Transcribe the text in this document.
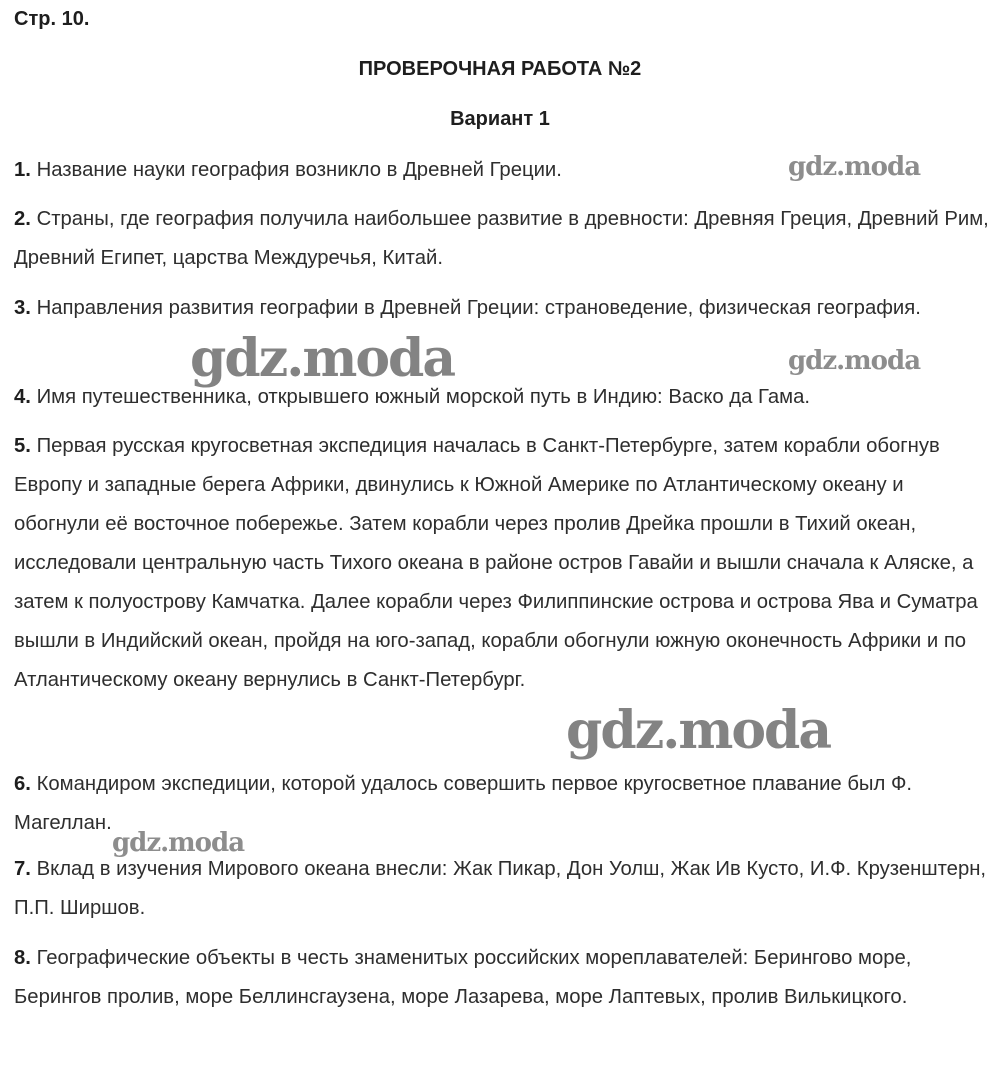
Стр. 10.
ПРОВЕРОЧНАЯ РАБОТА №2
Вариант 1

1. Название науки география возникло в Древней Греции.

2. Страны, где география получила наибольшее развитие в древности: Древняя Греция, Древний Рим, Древний Египет, царства Междуречья, Китай.

3. Направления развития географии в Древней Греции: страноведение, физическая география.

4. Имя путешественника, открывшего южный морской путь в Индию: Васко да Гама.

5. Первая русская кругосветная экспедиция началась в Санкт-Петербурге, затем корабли обогнув Европу и западные берега Африки, двинулись к Южной Америке по Атлантическому океану и обогнули её восточное побережье. Затем корабли через пролив Дрейка прошли в Тихий океан, исследовали центральную часть Тихого океана в районе остров Гавайи и вышли сначала к Аляске, а затем к полуострову Камчатка. Далее корабли через Филиппинские острова и острова Ява и Суматра вышли в Индийский океан, пройдя на юго-запад, корабли обогнули южную оконечность Африки и по Атлантическому океану вернулись в Санкт-Петербург.

6. Командиром экспедиции, которой удалось совершить первое кругосветное плавание был Ф. Магеллан.

7. Вклад в изучения Мирового океана внесли: Жак Пикар, Дон Уолш, Жак Ив Кусто, И.Ф. Крузенштерн, П.П. Ширшов.

8. Географические объекты в честь знаменитых российских мореплавателей: Берингово море, Берингов пролив, море Беллинсгаузена, море Лазарева, море Лаптевых, пролив Вилькицкого.

gdz.moda
gdz.moda	gdz.moda
gdz.moda
gdz.moda
